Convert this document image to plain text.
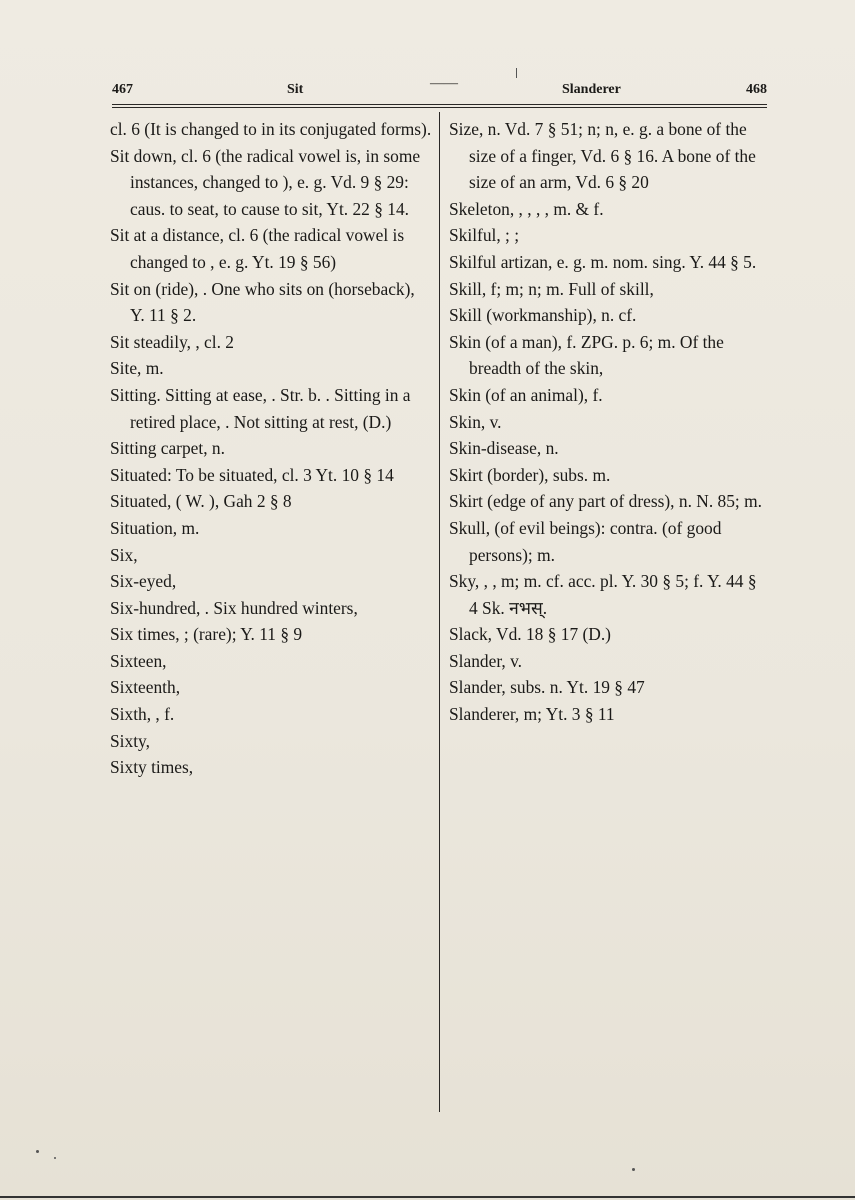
467	Sit	——	Slanderer	468

cl. 6 (It is changed to in its conjugated forms).

Sit down, cl. 6 (the radical vowel is, in some instances, changed to ), e. g. Vd. 9 § 29: caus. to seat, to cause to sit, Yt. 22 § 14.

Sit at a distance, cl. 6 (the radical vowel is changed to , e. g. Yt. 19 § 56)

Sit on (ride), . One who sits on (horseback), Y. 11 § 2.

Sit steadily, , cl. 2

Site, m.

Sitting. Sitting at ease, . Str. b. . Sitting in a retired place, . Not sitting at rest, (D.)

Sitting carpet, n.

Situated: To be situated, cl. 3 Yt. 10 § 14

Situated, ( W. ), Gah 2 § 8

Situation, m.

Six,

Six-eyed,

Six-hundred, . Six hundred winters,

Six times, ; (rare); Y. 11 § 9

Sixteen,

Sixteenth,

Sixth, , f.

Sixty,

Sixty times,

Size, n. Vd. 7 § 51; n; n, e. g. a bone of the size of a finger, Vd. 6 § 16. A bone of the size of an arm, Vd. 6 § 20

Skeleton, , , , , m. & f.

Skilful, ; ;

Skilful artizan, e. g. m. nom. sing. Y. 44 § 5.

Skill, f; m; n; m. Full of skill,

Skill (workmanship), n. cf.

Skin (of a man), f. ZPG. p. 6; m. Of the breadth of the skin,

Skin (of an animal), f.

Skin, v.

Skin-disease, n.

Skirt (border), subs. m.

Skirt (edge of any part of dress), n. N. 85; m.

Skull, (of evil beings): contra. (of good persons); m.

Sky, , , m; m. cf. acc. pl. Y. 30 § 5; f. Y. 44 § 4 Sk. नभस्.

Slack, Vd. 18 § 17 (D.)

Slander, v.

Slander, subs. n. Yt. 19 § 47

Slanderer, m; Yt. 3 § 11
